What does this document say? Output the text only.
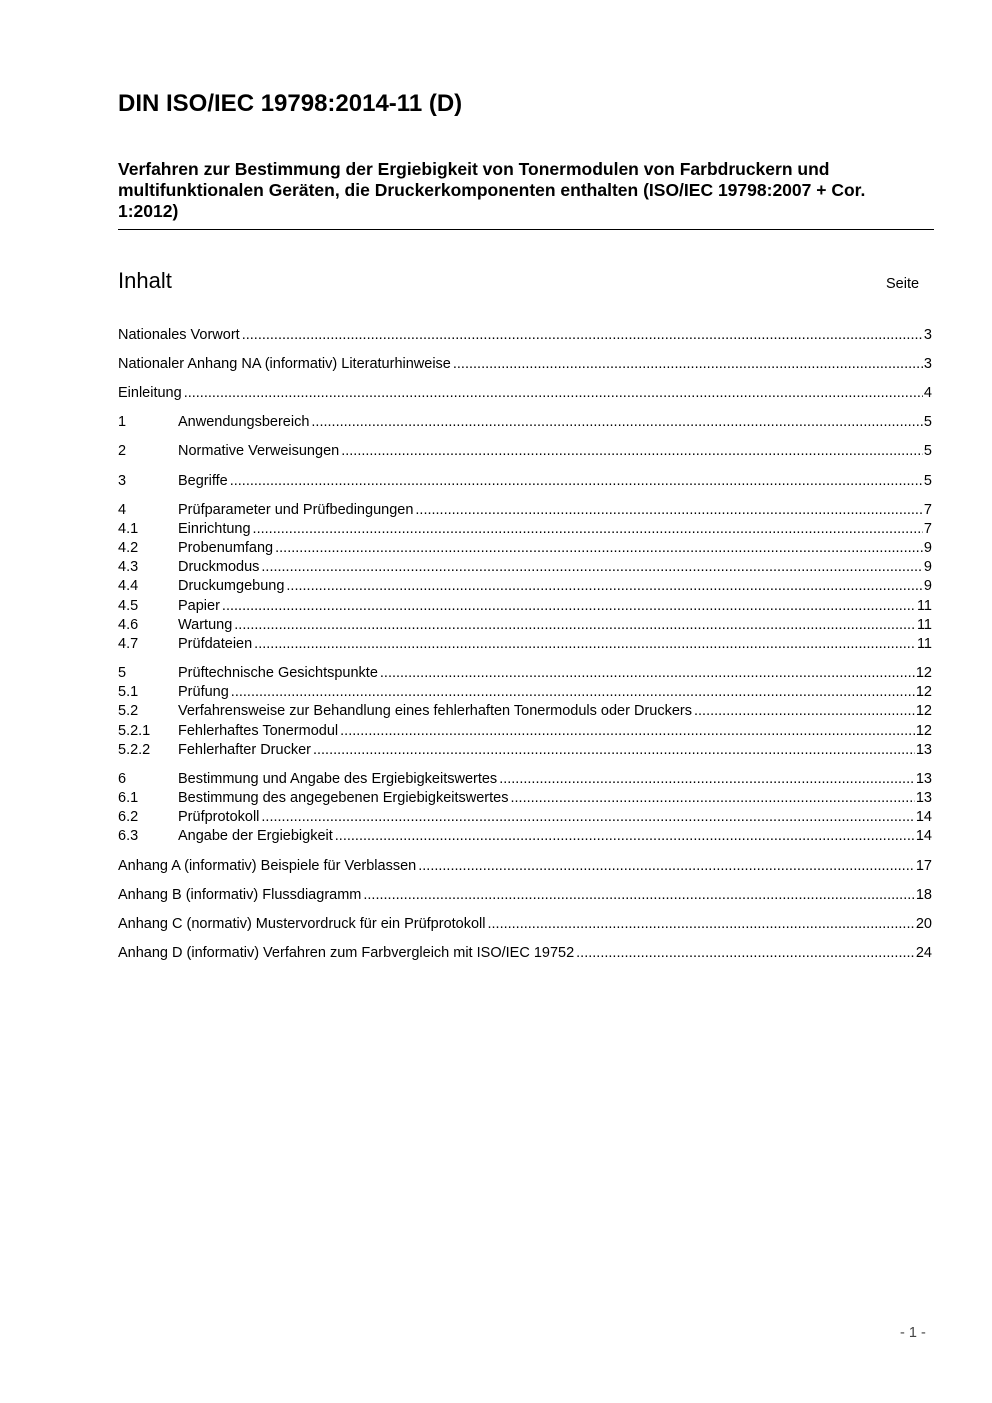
DIN ISO/IEC 19798:2014-11 (D)
Verfahren zur Bestimmung der Ergiebigkeit von Tonermodulen von Farbdruckern und multifunktionalen Geräten, die Druckerkomponenten enthalten (ISO/IEC 19798:2007 + Cor. 1:2012)
Inhalt	Seite
Nationales Vorwort .....	3
Nationaler Anhang NA (informativ) Literaturhinweise .....	3
Einleitung .....	4
1	Anwendungsbereich .....	5
2	Normative Verweisungen .....	5
3	Begriffe .....	5
4	Prüfparameter und Prüfbedingungen .....	7
4.1	Einrichtung .....	7
4.2	Probenumfang .....	9
4.3	Druckmodus .....	9
4.4	Druckumgebung .....	9
4.5	Papier .....	11
4.6	Wartung .....	11
4.7	Prüfdateien .....	11
5	Prüftechnische Gesichtspunkte .....	12
5.1	Prüfung .....	12
5.2	Verfahrensweise zur Behandlung eines fehlerhaften Tonermoduls oder Druckers .....	12
5.2.1	Fehlerhaftes Tonermodul .....	12
5.2.2	Fehlerhafter Drucker .....	13
6	Bestimmung und Angabe des Ergiebigkeitswertes .....	13
6.1	Bestimmung des angegebenen Ergiebigkeitswertes .....	13
6.2	Prüfprotokoll .....	14
6.3	Angabe der Ergiebigkeit .....	14
Anhang A (informativ) Beispiele für Verblassen .....	17
Anhang B (informativ) Flussdiagramm .....	18
Anhang C (normativ) Mustervordruck für ein Prüfprotokoll .....	20
Anhang D (informativ) Verfahren zum Farbvergleich mit ISO/IEC 19752 .....	24
- 1 -
